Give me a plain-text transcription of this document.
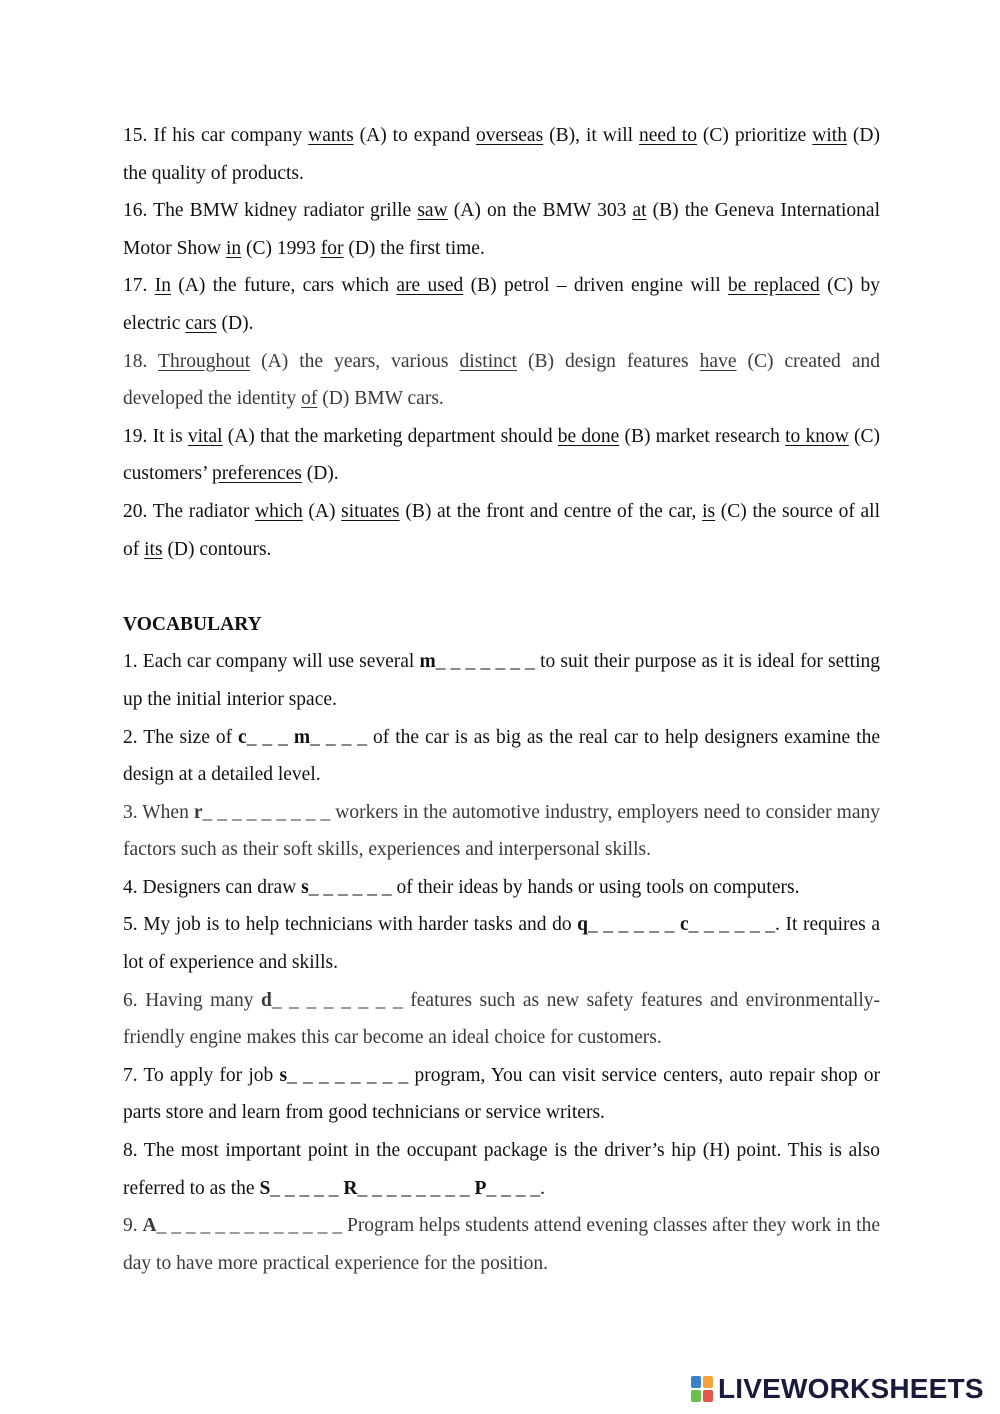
15. If his car company wants (A) to expand overseas (B), it will need to (C) prioritize with (D) the quality of products.

16. The BMW kidney radiator grille saw (A) on the BMW 303 at (B) the Geneva International Motor Show in (C) 1993 for (D) the first time.

17. In (A) the future, cars which are used (B) petrol – driven engine will be replaced (C) by electric cars (D).

18. Throughout (A) the years, various distinct (B) design features have (C) created and developed the identity of (D) BMW cars.

19. It is vital (A) that the marketing department should be done (B) market research to know (C) customers’ preferences (D).

20. The radiator which (A) situates (B) at the front and centre of the car, is (C) the source of all of its (D) contours.

VOCABULARY

1. Each car company will use several m_ _ _ _ _ _ _ to suit their purpose as it is ideal for setting up the initial interior space.

2. The size of c_ _ _ m_ _ _ _ of the car is as big as the real car to help designers examine the design at a detailed level.

3. When r_ _ _ _ _ _ _ _ _ workers in the automotive industry, employers need to consider many factors such as their soft skills, experiences and interpersonal skills.

4. Designers can draw s_ _ _ _ _ _ of their ideas by hands or using tools on computers.

5. My job is to help technicians with harder tasks and do q_ _ _ _ _ _ c_ _ _ _ _ _. It requires a lot of experience and skills.

6. Having many d_ _ _ _ _ _ _ _ features such as new safety features and environmentally-friendly engine makes this car become an ideal choice for customers.

7. To apply for job s_ _ _ _ _ _ _ _ program, You can visit service centers, auto repair shop or parts store and learn from good technicians or service writers.

8. The most important point in the occupant package is the driver’s hip (H) point. This is also referred to as the S_ _ _ _ _ R_ _ _ _ _ _ _ _ P_ _ _ _.

9. A_ _ _ _ _ _ _ _ _ _ _ _ _ Program helps students attend evening classes after they work in the day to have more practical experience for the position.

LIVEWORKSHEETS
